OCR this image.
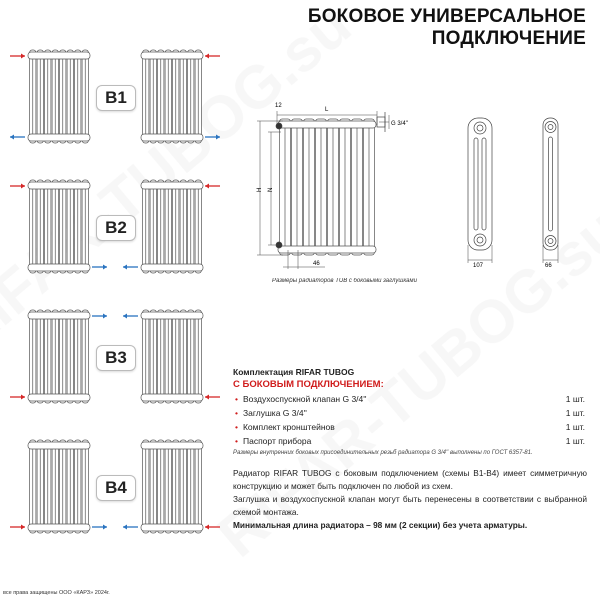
БОКОВОЕ УНИВЕРСАЛЬНОЕ
ПОДКЛЮЧЕНИЕ
B1
B2
B3
B4
12
L
G 3/4''
H N
46	107	66
Размеры радиаторов TUB с боковыми заглушками
Комплектация RIFAR TUBOG
С БОКОВЫМ ПОДКЛЮЧЕНИЕМ:
• Воздухоспускной клапан G 3/4''	1 шт.
• Заглушка G 3/4''	1 шт.
• Комплект кронштейнов	1 шт.
• Паспорт прибора	1 шт.
Размеры внутренних боковых присоединительных резьб радиатора G 3/4'' выполнены по ГОСТ 6357-81.

Радиатор RIFAR TUBOG с боковым подключением (схемы B1-B4) имеет симметричную конструкцию и может быть подключен по любой из схем.

Заглушка и воздухоспускной клапан могут быть перенесены в соответствии с выбранной схемой монтажа.

Минимальная длина радиатора – 98 мм (2 секции) без учета арматуры.

все права защищены ООО «КАРЗ» 2024г.
